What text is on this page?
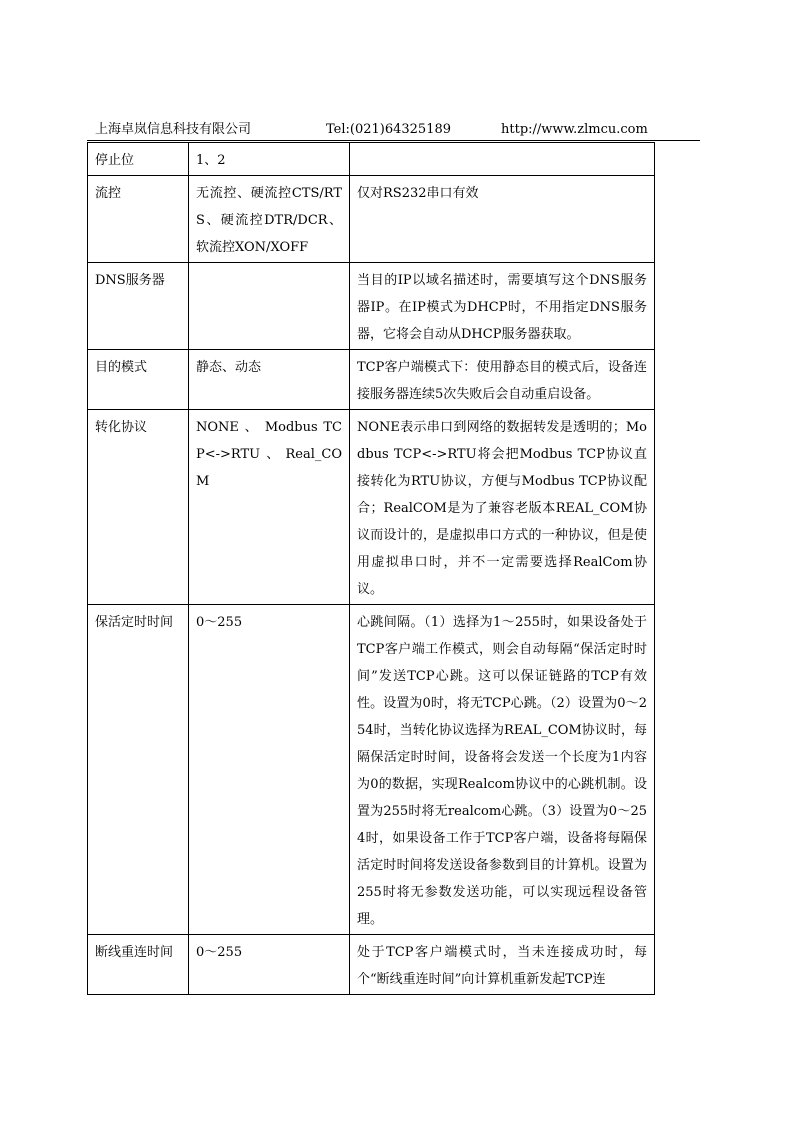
上海卓岚信息科技有限公司	Tel:(021)64325189	http://www.zlmcu.com
停止位	1、2	
流控	无流控、硬流控CTS/RTS、硬流控DTR/DCR、软流控XON/XOFF	仅对RS232串口有效
DNS服务器		当目的IP以域名描述时，需要填写这个DNS服务器IP。在IP模式为DHCP时，不用指定DNS服务器，它将会自动从DHCP服务器获取。
目的模式	静态、动态	TCP客户端模式下：使用静态目的模式后，设备连接服务器连续5次失败后会自动重启设备。
转化协议	NONE 、 Modbus TCP<->RTU、Real_COM	NONE表示串口到网络的数据转发是透明的；Modbus TCP<->RTU将会把Modbus TCP协议直接转化为RTU协议，方便与Modbus TCP协议配合；RealCOM是为了兼容老版本REAL_COM协议而设计的，是虚拟串口方式的一种协议，但是使用虚拟串口时，并不一定需要选择RealCom协议。
保活定时时间	0～255	心跳间隔。（1）选择为1～255时，如果设备处于TCP客户端工作模式，则会自动每隔“保活定时时间”发送TCP心跳。这可以保证链路的TCP有效性。设置为0时，将无TCP心跳。（2）设置为0～254时，当转化协议选择为REAL_COM协议时，每隔保活定时时间，设备将会发送一个长度为1内容为0的数据，实现Realcom协议中的心跳机制。设置为255时将无realcom心跳。（3）设置为0～254时，如果设备工作于TCP客户端，设备将每隔保活定时时间将发送设备参数到目的计算机。设置为255时将无参数发送功能，可以实现远程设备管理。
断线重连时间	0～255	处于TCP客户端模式时，当未连接成功时，每个“断线重连时间”向计算机重新发起TCP连
